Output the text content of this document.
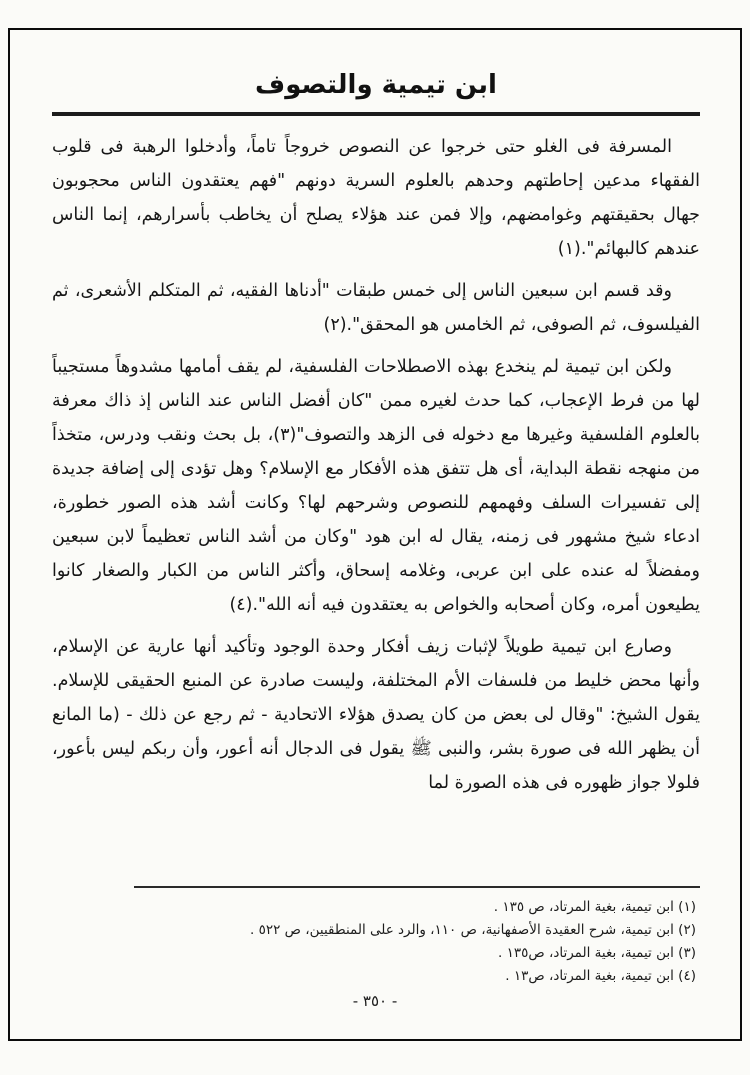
ابن تيمية والتصوف

المسرفة فى الغلو حتى خرجوا عن النصوص خروجاً تاماً، وأدخلوا الرهبة فى قلوب الفقهاء مدعين إحاطتهم وحدهم بالعلوم السرية دونهم "فهم يعتقدون الناس محجوبون جهال بحقيقتهم وغوامضهم، وإلا فمن عند هؤلاء يصلح أن يخاطب بأسرارهم، إنما الناس عندهم كالبهائم".(١)

وقد قسم ابن سبعين الناس إلى خمس طبقات "أدناها الفقيه، ثم المتكلم الأشعرى، ثم الفيلسوف، ثم الصوفى، ثم الخامس هو المحقق".(٢)

ولكن ابن تيمية لم ينخدع بهذه الاصطلاحات الفلسفية، لم يقف أمامها مشدوهاً مستجيباً لها من فرط الإعجاب، كما حدث لغيره ممن "كان أفضل الناس عند الناس إذ ذاك معرفة بالعلوم الفلسفية وغيرها مع دخوله فى الزهد والتصوف"(٣)، بل بحث ونقب ودرس، متخذاً من منهجه نقطة البداية، أى هل تتفق هذه الأفكار مع الإسلام؟ وهل تؤدى إلى إضافة جديدة إلى تفسيرات السلف وفهمهم للنصوص وشرحهم لها؟ وكانت أشد هذه الصور خطورة، ادعاء شيخ مشهور فى زمنه، يقال له ابن هود "وكان من أشد الناس تعظيماً لابن سبعين ومفضلاً له عنده على ابن عربى، وغلامه إسحاق، وأكثر الناس من الكبار والصغار كانوا يطيعون أمره، وكان أصحابه والخواص به يعتقدون فيه أنه الله".(٤)

وصارع ابن تيمية طويلاً لإثبات زيف أفكار وحدة الوجود وتأكيد أنها عارية عن الإسلام، وأنها محض خليط من فلسفات الأم المختلفة، وليست صادرة عن المنبع الحقيقى للإسلام. يقول الشيخ: "وقال لى بعض من كان يصدق هؤلاء الاتحادية - ثم رجع عن ذلك - (ما المانع أن يظهر الله فى صورة بشر، والنبى ﷺ يقول فى الدجال أنه أعور، وأن ربكم ليس بأعور، فلولا جواز ظهوره فى هذه الصورة لما

(١) ابن تيمية، بغية المرتاد، ص ١٣٥ .
(٢) ابن تيمية، شرح العقيدة الأصفهانية، ص ١١٠، والرد على المنطقيين، ص ٥٢٢ .
(٣) ابن تيمية، بغية المرتاد، ص١٣٥ .
(٤) ابن تيمية، بغية المرتاد، ص١٣ .
- ٣٥٠ -
